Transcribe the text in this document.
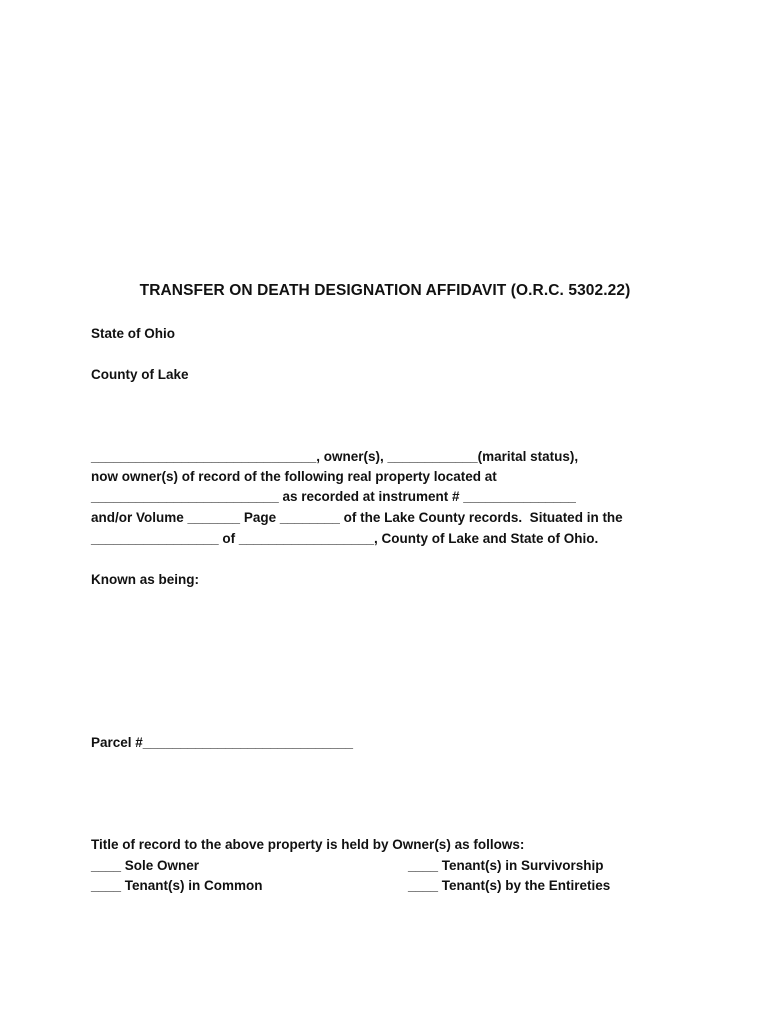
TRANSFER ON DEATH DESIGNATION AFFIDAVIT (O.R.C. 5302.22)
State of Ohio
County of Lake
______________________________, owner(s), ____________(marital status),
now owner(s) of record of the following real property located at
_________________________ as recorded at instrument # _______________
and/or Volume _______ Page ________ of the Lake County records.  Situated in the
_________________ of __________________, County of Lake and State of Ohio.
Known as being:
Parcel #____________________________
Title of record to the above property is held by Owner(s) as follows:
____ Sole Owner	____ Tenant(s) in Survivorship
____ Tenant(s) in Common	____ Tenant(s) by the Entireties
